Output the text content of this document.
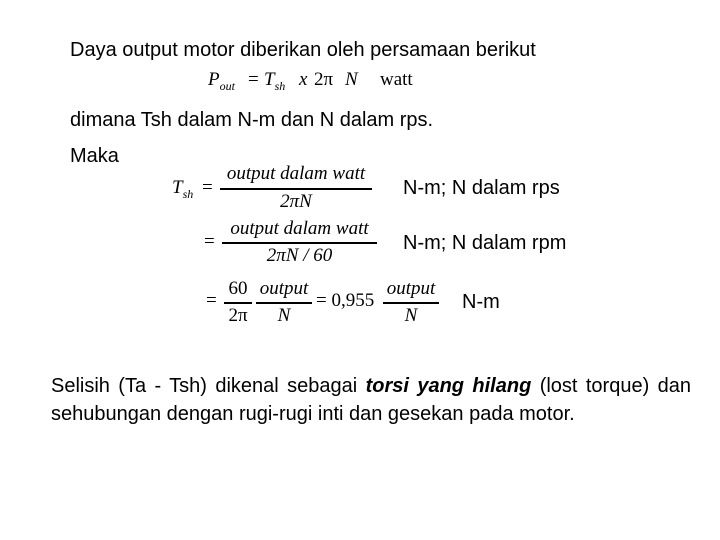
Daya output motor diberikan oleh persamaan berikut
$P_{out} = T_{sh}$ x 2π N watt
dimana Tsh dalam N-m dan N dalam rps.
Maka
$T_{sh}$ =
output dalam watt
2πN
N-m; N dalam rps
=
output dalam watt
2πN / 60
N-m; N dalam rpm
=
60
2π
output
N
= 0,955
output
N
N-m
Selisih (Ta - Tsh) dikenal sebagai torsi yang hilang (lost torque) dan sehubungan dengan rugi-rugi inti dan gesekan pada motor.
